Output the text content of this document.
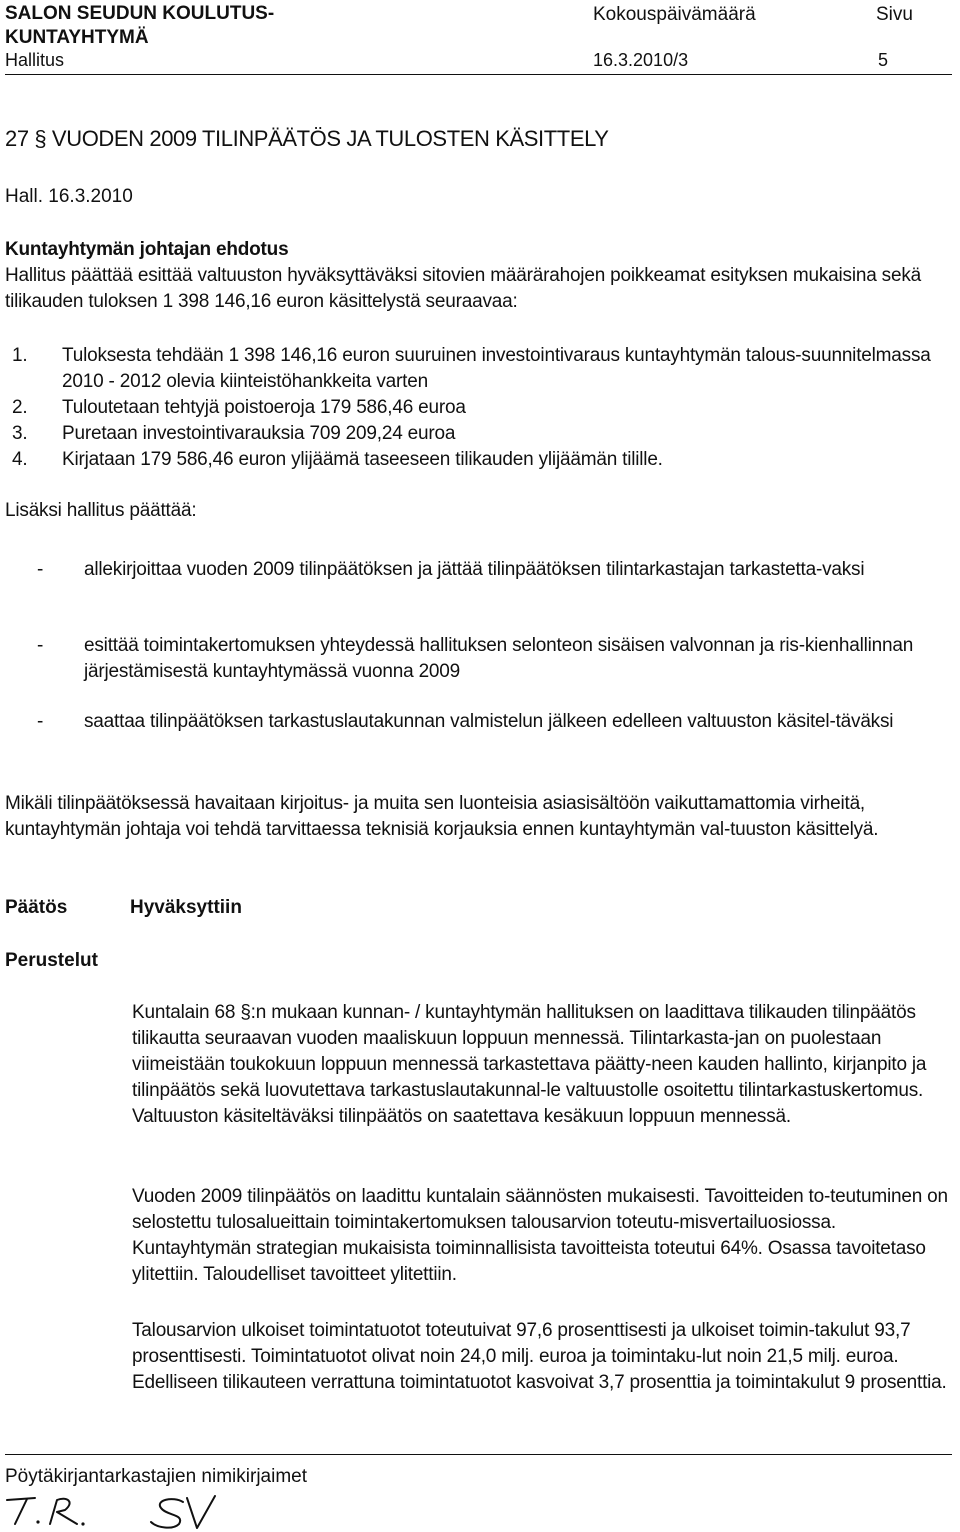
SALON SEUDUN KOULUTUS-
KUNTAYHTYMÄ
Kokouspäivämäärä	Sivu
Hallitus	16.3.2010/3	5
27 § VUODEN 2009 TILINPÄÄTÖS JA TULOSTEN KÄSITTELY
Hall. 16.3.2010
Kuntayhtymän johtajan ehdotus
Hallitus päättää esittää valtuuston hyväksyttäväksi sitovien määrärahojen poikkeamat esityksen mukaisina sekä tilikauden tuloksen 1 398 146,16 euron käsittelystä seuraavaa:
1. Tuloksesta tehdään 1 398 146,16 euron suuruinen investointivaraus kuntayhtymän talous-suunnitelmassa 2010 - 2012 olevia kiinteistöhankkeita varten
2. Tuloutetaan tehtyjä poistoeroja 179 586,46 euroa
3. Puretaan investointivarauksia 709 209,24 euroa
4. Kirjataan 179 586,46 euron ylijäämä taseeseen tilikauden ylijäämän tilille.
Lisäksi hallitus päättää:
- allekirjoittaa vuoden 2009 tilinpäätöksen ja jättää tilinpäätöksen tilintarkastajan tarkastetta-vaksi
- esittää toimintakertomuksen yhteydessä hallituksen selonteon sisäisen valvonnan ja ris-kienhallinnan järjestämisestä kuntayhtymässä vuonna 2009
- saattaa tilinpäätöksen tarkastuslautakunnan valmistelun jälkeen edelleen valtuuston käsitel-täväksi
Mikäli tilinpäätöksessä havaitaan kirjoitus- ja muita sen luonteisia asiasisältöön vaikuttamattomia virheitä, kuntayhtymän johtaja voi tehdä tarvittaessa teknisiä korjauksia ennen kuntayhtymän val-tuuston käsittelyä.
Päätös	Hyväksyttiin
Perustelut
Kuntalain 68 §:n mukaan kunnan- / kuntayhtymän hallituksen on laadittava tilikauden tilinpäätös tilikautta seuraavan vuoden maaliskuun loppuun mennessä. Tilintarkasta-jan on puolestaan viimeistään toukokuun loppuun mennessä tarkastettava päätty-neen kauden hallinto, kirjanpito ja tilinpäätös sekä luovutettava tarkastuslautakunnal-le valtuustolle osoitettu tilintarkastuskertomus. Valtuuston käsiteltäväksi tilinpäätös on saatettava kesäkuun loppuun mennessä.
Vuoden 2009 tilinpäätös on laadittu kuntalain säännösten mukaisesti. Tavoitteiden to-teutuminen on selostettu tulosalueittain toimintakertomuksen talousarvion toteutu-misvertailuosiossa. Kuntayhtymän strategian mukaisista toiminnallisista tavoitteista toteutui 64%. Osassa tavoitetaso ylitettiin. Taloudelliset tavoitteet ylitettiin.
Talousarvion ulkoiset toimintatuotot toteutuivat 97,6 prosenttisesti ja ulkoiset toimin-takulut 93,7 prosenttisesti. Toimintatuotot olivat noin 24,0 milj. euroa ja toimintaku-lut noin 21,5 milj. euroa. Edelliseen tilikauteen verrattuna toimintatuotot kasvoivat 3,7 prosenttia ja toimintakulut 9 prosenttia.
Pöytäkirjantarkastajien nimikirjaimet
